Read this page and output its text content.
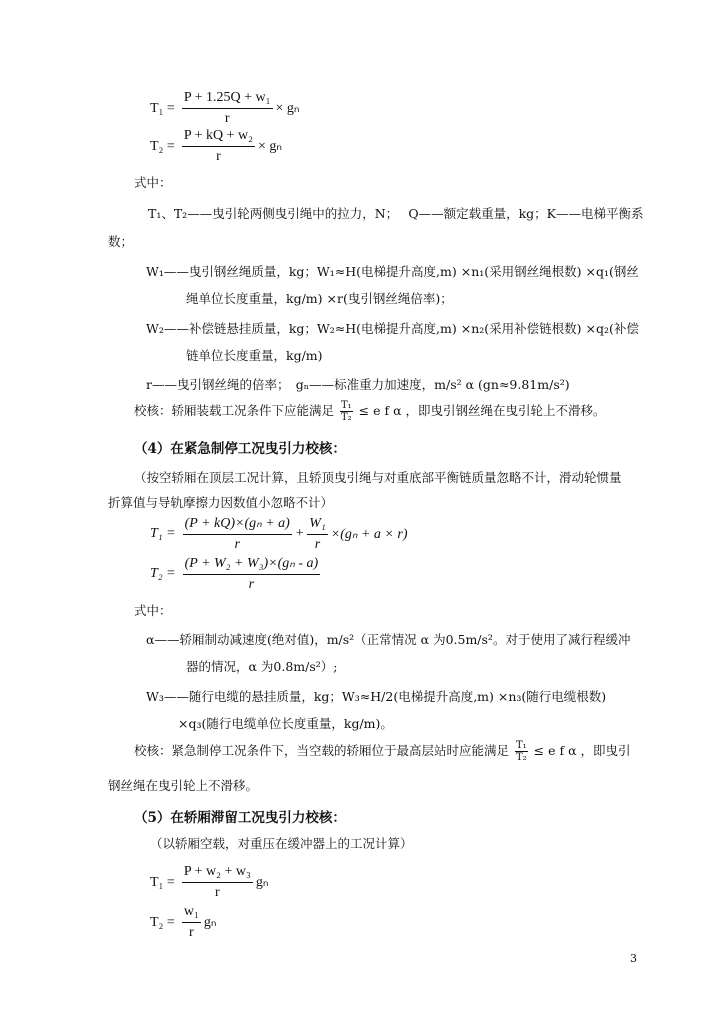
$T_1 = \frac{\text{P + 1.25Q + w₁}}{r} \times g_n$
$T_2 = \frac{\text{P + kQ + w₂}}{r} \times g_n$
式中：
T₁、T₂——曳引轮两侧曳引绳中的拉力，N；　 Q——额定载重量，kg；K——电梯平衡系
数；
W₁——曳引钢丝绳质量，kg；W₁≈H(电梯提升高度,m) ×n₁(采用钢丝绳根数) ×q₁(钢丝
绳单位长度重量，kg/m) ×r(曳引钢丝绳倍率)；
W₂——补偿链悬挂质量，kg；W₂≈H(电梯提升高度,m) ×n₂(采用补偿链根数) ×q₂(补偿
链单位长度重量，kg/m)
r——曳引钢丝绳的倍率；　gₙ——标准重力加速度，m/s² α (gn≈9.81m/s²)
校核：轿厢装载工况条件下应能满足 $\frac{\text{T₁}}{\text{T₂}} \le e$ f α ，即曳引钢丝绳在曳引轮上不滑移。
（4）在紧急制停工况曳引力校核：
（按空轿厢在顶层工况计算，且轿顶曳引绳与对重底部平衡链质量忽略不计，滑动轮惯量
折算值与导轨摩擦力因数值小忽略不计）
$T_1 = \frac{\text{(P + kQ)×(gₙ + a)}}{r} + \frac{\text{W₁}}{r} \times(g_n + a \times r)$
$T_2 = \frac{\text{(P + W₂ + W₃)×(gₙ - a)}}{r}$
式中：
α——轿厢制动减速度(绝对值)，m/s²（正常情况 α 为0.5m/s²。对于使用了减行程缓冲
器的情况，α 为0.8m/s²）;
W₃——随行电缆的悬挂质量，kg；W₃≈H/2(电梯提升高度,m) ×n₃(随行电缆根数)
×q₃(随行电缆单位长度重量，kg/m)。
校核：紧急制停工况条件下，当空载的轿厢位于最高层站时应能满足 $\frac{\text{T₁}}{\text{T₂}} \le e$ f α ，即曳引
钢丝绳在曳引轮上不滑移。
（5）在轿厢滞留工况曳引力校核：
（以轿厢空载，对重压在缓冲器上的工况计算）
$T_1 = \frac{\text{P + w₂ + w₃}}{r}$ gₙ
$T_2 = \frac{\text{w₁}}{r}$ gₙ
3
